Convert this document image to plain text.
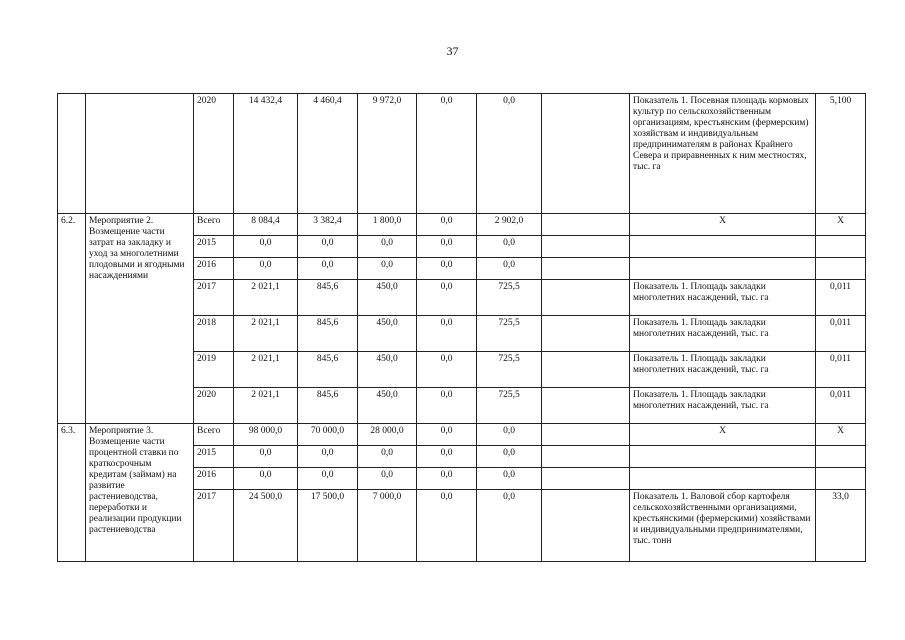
37
		2020	14 432,4	4 460,4	9 972,0	0,0	0,0		Показатель 1. Посевная площадь кормовых культур по сельскохозяйственным организациям, крестьянским (фермерским) хозяйствам и индивидуальным предпринимателям в районах Крайнего Севера и приравненных к ним местностях, тыс. га	5,100
6.2.	Мероприятие 2. Возмещение части затрат на закладку и уход за многолетними плодовыми и ягодными насаждениями	Всего	8 084,4	3 382,4	1 800,0	0,0	2 902,0		Х	Х
		2015	0,0	0,0	0,0	0,0	0,0			
		2016	0,0	0,0	0,0	0,0	0,0			
		2017	2 021,1	845,6	450,0	0,0	725,5		Показатель 1. Площадь закладки многолетних насаждений, тыс. га	0,011
		2018	2 021,1	845,6	450,0	0,0	725,5		Показатель 1. Площадь закладки многолетних насаждений, тыс. га	0,011
		2019	2 021,1	845,6	450,0	0,0	725,5		Показатель 1. Площадь закладки многолетних насаждений, тыс. га	0,011
		2020	2 021,1	845,6	450,0	0,0	725,5		Показатель 1. Площадь закладки многолетних насаждений, тыс. га	0,011
6.3.	Мероприятие 3. Возмещение части процентной ставки по краткосрочным кредитам (займам) на развитие растениеводства, переработки и реализации продукции растениеводства	Всего	98 000,0	70 000,0	28 000,0	0,0	0,0		Х	Х
		2015	0,0	0,0	0,0	0,0	0,0			
		2016	0,0	0,0	0,0	0,0	0,0			
		2017	24 500,0	17 500,0	7 000,0	0,0	0,0		Показатель 1. Валовой сбор картофеля сельскохозяйственными организациями, крестьянскими (фермерскими) хозяйствами и индивидуальными предпринимателями, тыс. тонн	33,0
